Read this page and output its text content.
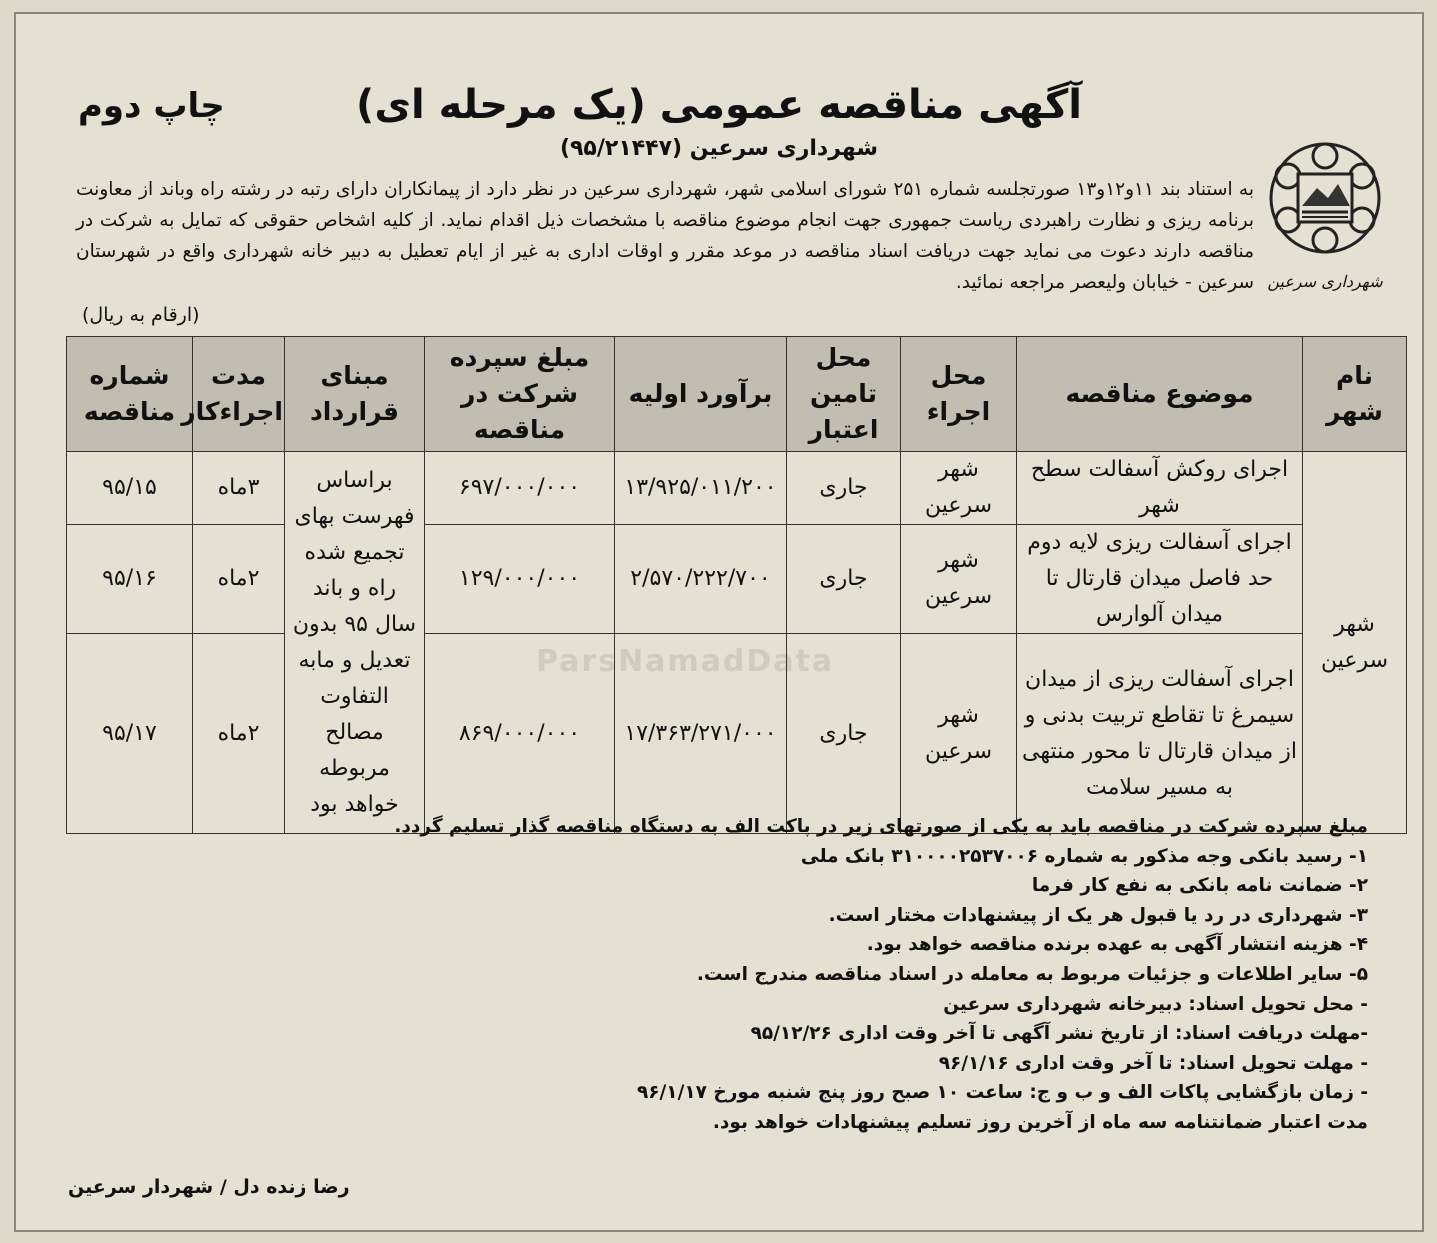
چاپ دوم	آگهی مناقصه عمومی (یک مرحله ای)
شهرداری سرعین (۹۵/۲۱۴۴۷)
شهرداری سرعین
به استناد بند ۱۱و۱۲و۱۳ صورتجلسه شماره ۲۵۱ شورای اسلامی شهر، شهرداری سرعین در نظر دارد از پیمانکاران دارای رتبه در رشته راه وباند از معاونت برنامه ریزی و نظارت راهبردی ریاست جمهوری جهت انجام موضوع مناقصه با مشخصات ذیل اقدام نماید. از کلیه اشخاص حقوقی که تمایل به شرکت در مناقصه دارند دعوت می نماید جهت دریافت اسناد مناقصه در موعد مقرر و اوقات اداری به غیر از ایام تعطیل به دبیر خانه شهرداری واقع در شهرستان سرعین - خیابان ولیعصر مراجعه نمائید.
(ارقام به ریال)
ParsNamadData
نام شهر	موضوع مناقصه	محل اجراء	محل تامین اعتبار	برآورد اولیه	مبلغ سپرده شرکت در مناقصه	مبنای قرارداد	مدت اجراءکار	شماره مناقصه
شهر سرعین	اجرای روکش آسفالت سطح شهر	شهر سرعین	جاری	۱۳/۹۲۵/۰۱۱/۲۰۰	۶۹۷/۰۰۰/۰۰۰	براساس فهرست بهای تجمیع شده راه و باند سال ۹۵ بدون تعدیل و مابه التفاوت مصالح مربوطه خواهد بود	۳ماه	۹۵/۱۵
	اجرای آسفالت ریزی لایه دوم حد فاصل میدان قارتال تا میدان آلوارس	شهر سرعین	جاری	۲/۵۷۰/۲۲۲/۷۰۰	۱۲۹/۰۰۰/۰۰۰		۲ماه	۹۵/۱۶
	اجرای آسفالت ریزی از میدان سیمرغ تا تقاطع تربیت بدنی و از میدان قارتال تا محور منتهی به مسیر سلامت	شهر سرعین	جاری	۱۷/۳۶۳/۲۷۱/۰۰۰	۸۶۹/۰۰۰/۰۰۰		۲ماه	۹۵/۱۷
مبلغ سپرده شرکت در مناقصه باید به یکی از صورتهای زیر در پاکت الف به دستگاه مناقصه گذار تسلیم گردد.
۱- رسید بانکی وجه مذکور به شماره ۳۱۰۰۰۰۲۵۳۷۰۰۶ بانک ملی
۲- ضمانت نامه بانکی به نفع کار فرما
۳- شهرداری در رد یا قبول هر یک از پیشنهادات مختار است.
۴- هزینه انتشار آگهی به عهده برنده مناقصه خواهد بود.
۵- سایر اطلاعات و جزئیات مربوط به معامله در اسناد مناقصه مندرج است.
- محل تحویل اسناد: دبیرخانه شهرداری سرعین
-مهلت دریافت اسناد: از تاریخ نشر آگهی تا آخر وقت اداری ۹۵/۱۲/۲۶
- مهلت تحویل اسناد: تا آخر وقت اداری ۹۶/۱/۱۶
- زمان بازگشایی پاکات الف و ب و ج: ساعت ۱۰ صبح روز پنج شنبه مورخ ۹۶/۱/۱۷
مدت اعتبار ضمانتنامه سه ماه از آخرین روز تسلیم پیشنهادات خواهد بود.
رضا زنده دل / شهردار سرعین
